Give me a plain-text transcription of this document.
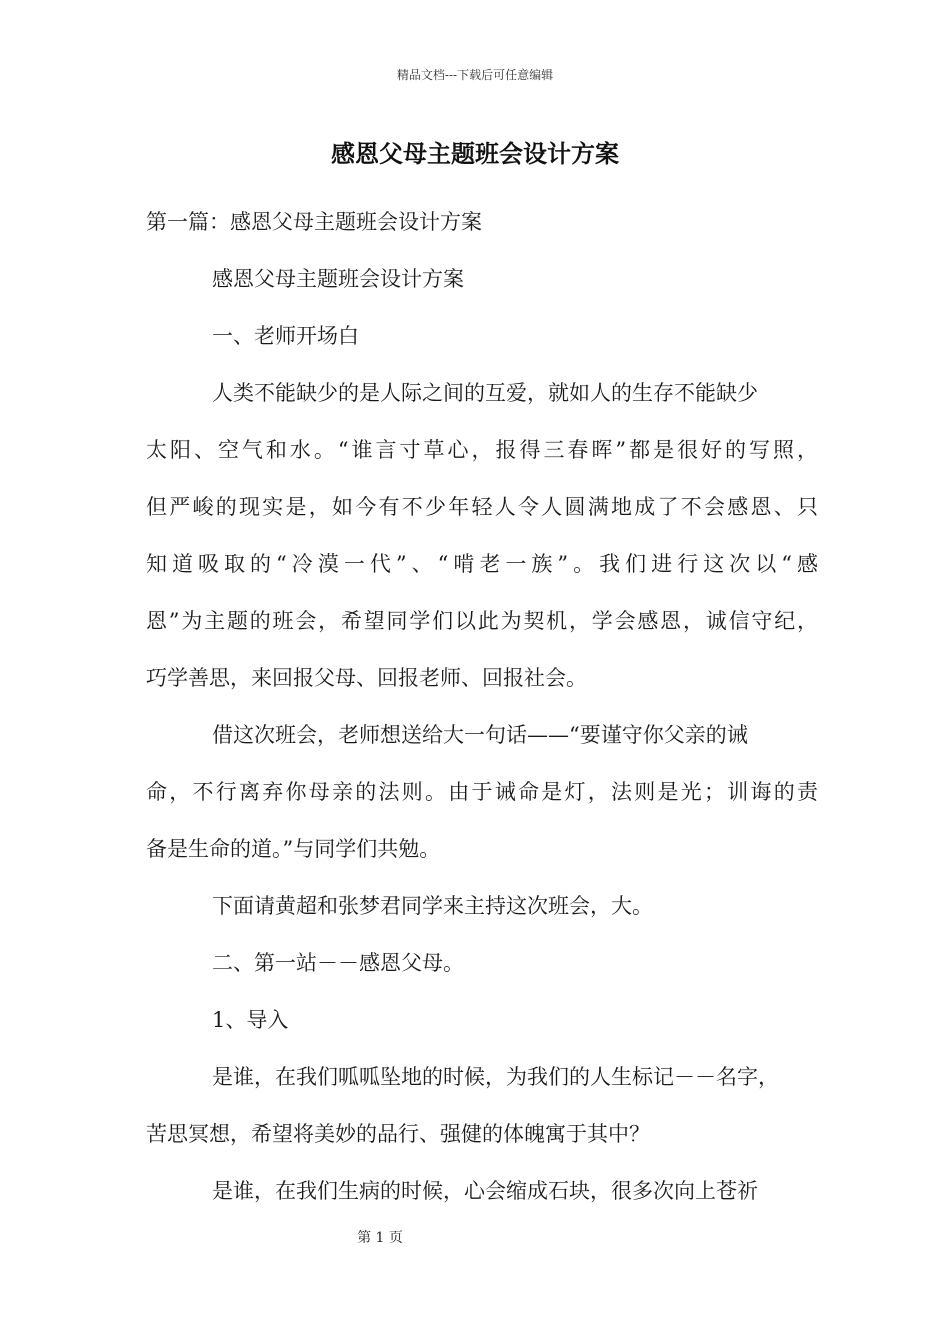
精品文档---下载后可任意编辑
感恩父母主题班会设计方案
第一篇：感恩父母主题班会设计方案
感恩父母主题班会设计方案
一、老师开场白
人类不能缺少的是人际之间的互爱，就如人的生存不能缺少
太阳、空气和水。“谁言寸草心，报得三春晖”都是很好的写照，
但严峻的现实是，如今有不少年轻人令人圆满地成了不会感恩、只
知道吸取的“冷漠一代”、“啃老一族”。我们进行这次以“感
恩”为主题的班会，希望同学们以此为契机，学会感恩，诚信守纪，
巧学善思，来回报父母、回报老师、回报社会。
借这次班会，老师想送给大一句话——“要谨守你父亲的诫
命，不行离弃你母亲的法则。由于诫命是灯，法则是光；训诲的责
备是生命的道。”与同学们共勉。
下面请黄超和张梦君同学来主持这次班会，大。
二、第一站－－感恩父母。
1、导入
是谁，在我们呱呱坠地的时候，为我们的人生标记－－名字，
苦思冥想，希望将美妙的品行、强健的体魄寓于其中？
是谁，在我们生病的时候，心会缩成石块，很多次向上苍祈
第 1 页
